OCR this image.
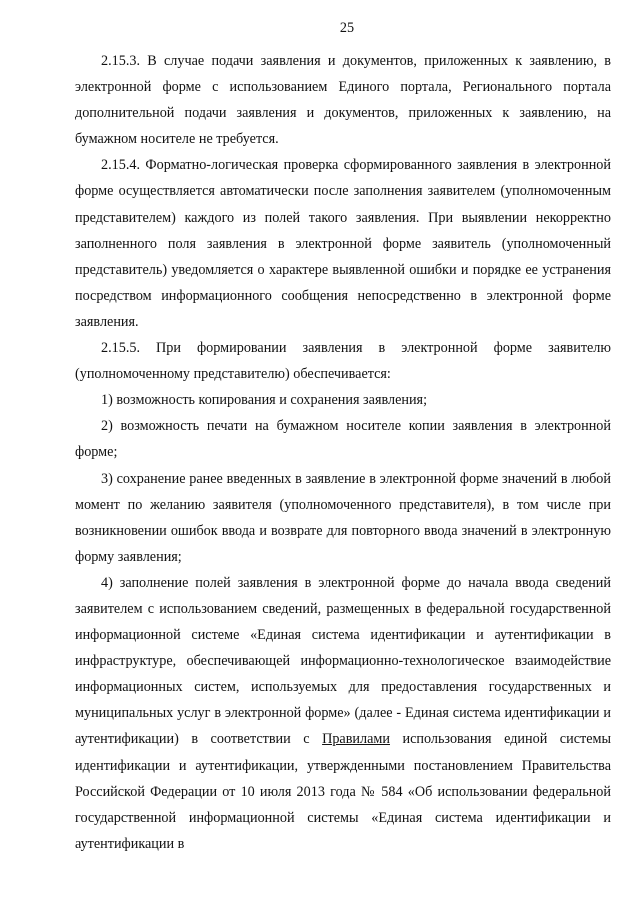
25

2.15.3. В случае подачи заявления и документов, приложенных к заявлению, в электронной форме с использованием Единого портала, Регионального портала дополнительной подачи заявления и документов, приложенных к заявлению, на бумажном носителе не требуется.

2.15.4. Форматно-логическая проверка сформированного заявления в электронной форме осуществляется автоматически после заполнения заявителем (уполномоченным представителем) каждого из полей такого заявления. При выявлении некорректно заполненного поля заявления в электронной форме заявитель (уполномоченный представитель) уведомляется о характере выявленной ошибки и порядке ее устранения посредством информационного сообщения непосредственно в электронной форме заявления.

2.15.5. При формировании заявления в электронной форме заявителю (уполномоченному представителю) обеспечивается:

1) возможность копирования и сохранения заявления;

2) возможность печати на бумажном носителе копии заявления в электронной форме;

3) сохранение ранее введенных в заявление в электронной форме значений в любой момент по желанию заявителя (уполномоченного представителя), в том числе при возникновении ошибок ввода и возврате для повторного ввода значений в электронную форму заявления;

4) заполнение полей заявления в электронной форме до начала ввода сведений заявителем с использованием сведений, размещенных в федеральной государственной информационной системе «Единая система идентификации и аутентификации в инфраструктуре, обеспечивающей информационно-технологическое взаимодействие информационных систем, используемых для предоставления государственных и муниципальных услуг в электронной форме» (далее - Единая система идентификации и аутентификации) в соответствии с Правилами использования единой системы идентификации и аутентификации, утвержденными постановлением Правительства Российской Федерации от 10 июля 2013 года № 584 «Об использовании федеральной государственной информационной системы «Единая система идентификации и аутентификации в
